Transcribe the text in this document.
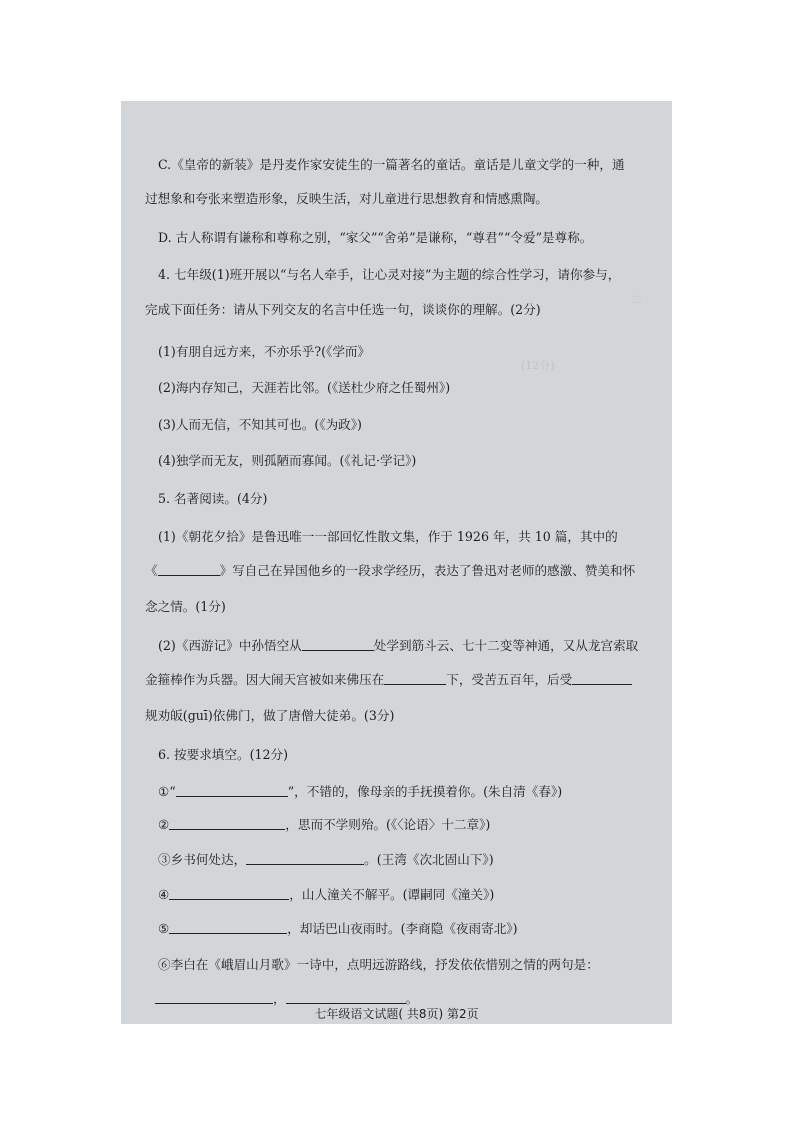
二
(12分)
C.《皇帝的新装》是丹麦作家安徒生的一篇著名的童话。童话是儿童文学的一种，通
过想象和夸张来塑造形象，反映生活，对儿童进行思想教育和情感熏陶。
D. 古人称谓有谦称和尊称之别，“家父”“舍弟”是谦称，“尊君”“令爱”是尊称。
4. 七年级(1)班开展以“与名人牵手，让心灵对接”为主题的综合性学习，请你参与，
完成下面任务：请从下列交友的名言中任选一句，谈谈你的理解。(2分)
(1)有朋自远方来，不亦乐乎?(《学而》
(2)海内存知己，天涯若比邻。(《送杜少府之任蜀州》)
(3)人而无信，不知其可也。(《为政》)
(4)独学而无友，则孤陋而寡闻。(《礼记·学记》)
5. 名著阅读。(4分)
(1)《朝花夕拾》是鲁迅唯一一部回忆性散文集，作于 1926 年，共 10 篇，其中的
《	》写自己在异国他乡的一段求学经历，表达了鲁迅对老师的感激、赞美和怀
念之情。(1分)
(2)《西游记》中孙悟空从	处学到筋斗云、七十二变等神通，又从龙宫索取
金箍棒作为兵器。因大闹天宫被如来佛压在	下，受苦五百年，后受
规劝皈(guī)依佛门，做了唐僧大徒弟。(3分)
6. 按要求填空。(12分)
①“	”，不错的，像母亲的手抚摸着你。(朱自清《春》)
②	，思而不学则殆。(《〈论语〉十二章》)
③乡书何处达，	。(王湾《次北固山下》)
④	，山人潼关不解平。(谭嗣同《潼关》)
⑤	，却话巴山夜雨时。(李商隐《夜雨寄北》)
⑥李白在《峨眉山月歌》一诗中，点明远游路线，抒发依依惜别之情的两句是：
，	。
七年级语文试题( 共8页) 第2页
